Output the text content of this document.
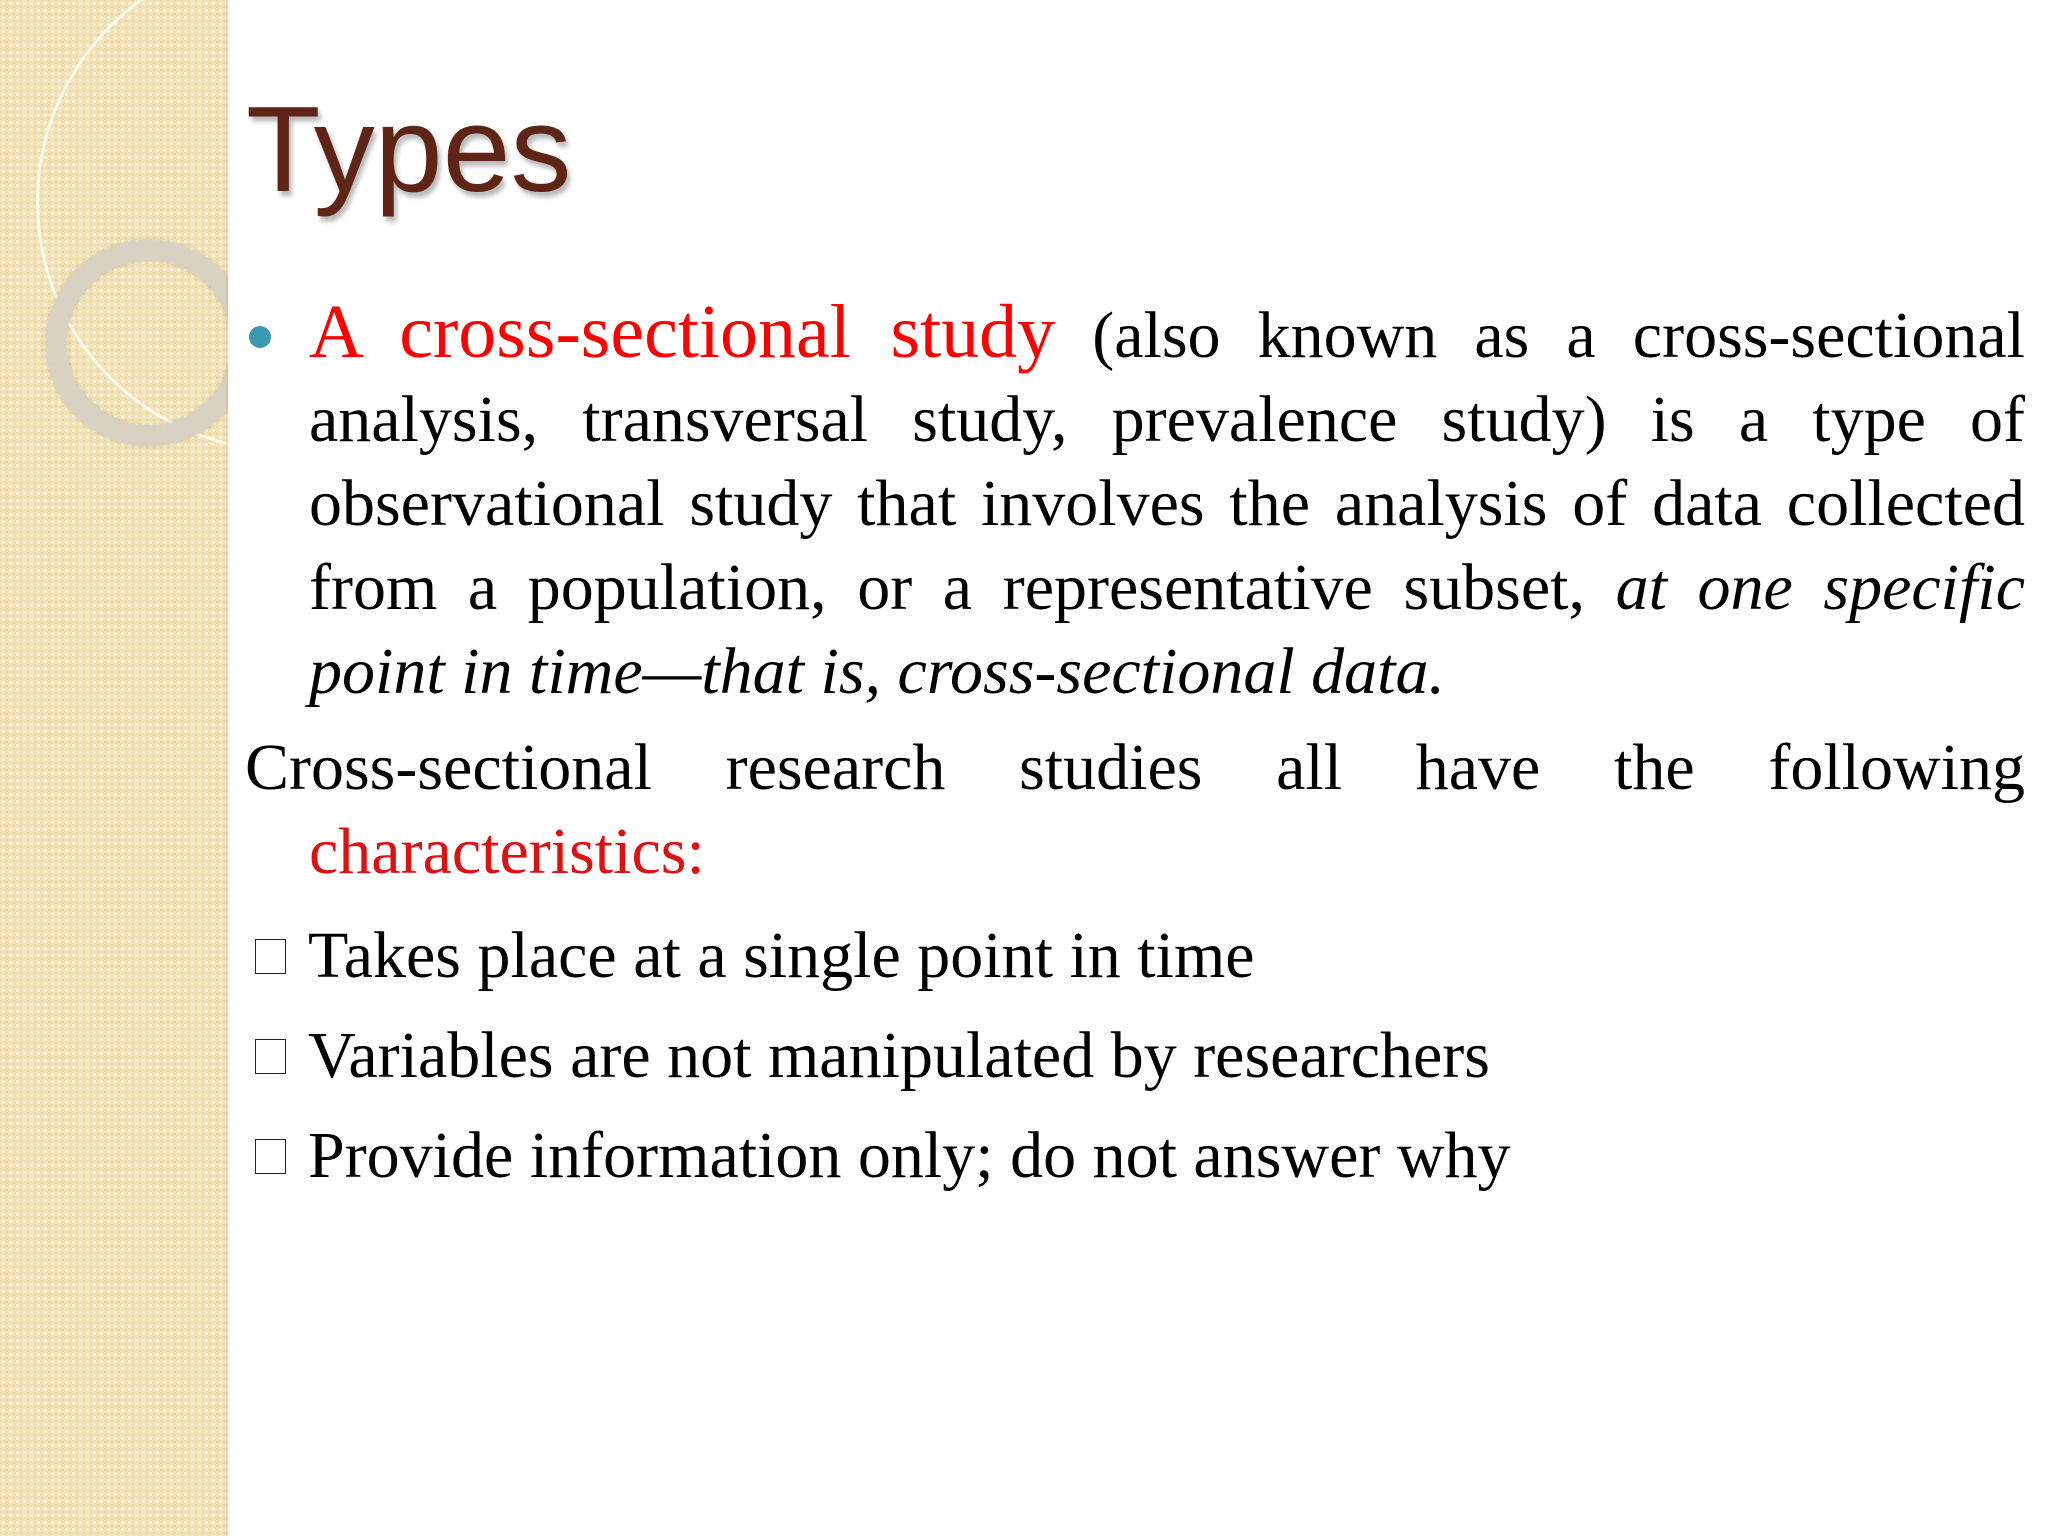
Types

A cross-sectional study (also known as a cross-sectional analysis, transversal study, prevalence study) is a type of observational study that involves the analysis of data collected from a population, or a representative subset, at one specific point in time—that is, cross-sectional data.

Cross-sectional research studies all have the following characteristics:

Takes place at a single point in time

Variables are not manipulated by researchers

Provide information only; do not answer why
